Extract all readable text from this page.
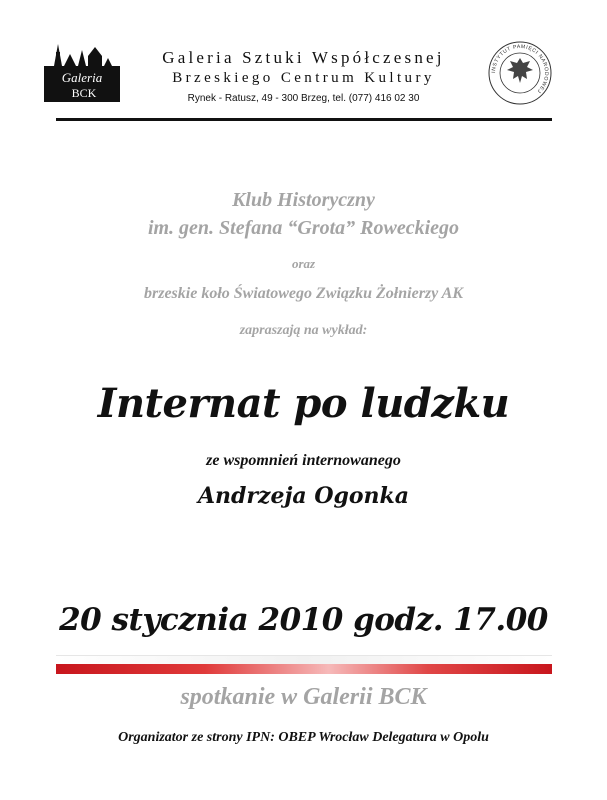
Galeria
BCK
Galeria Sztuki Współczesnej
Brzeskiego Centrum Kultury
Rynek - Ratusz, 49 - 300 Brzeg, tel. (077) 416 02 30
INSTYTUT PAMIĘCI NARODOWEJ
Klub Historyczny
im. gen. Stefana “Grota” Roweckiego
oraz
brzeskie koło Światowego Związku Żołnierzy AK
zapraszają na wykład:
Internat po ludzku
ze wspomnień internowanego
Andrzeja Ogonka
20 stycznia 2010 godz. 17.00
spotkanie w Galerii BCK
Organizator ze strony IPN: OBEP Wrocław Delegatura w Opolu
